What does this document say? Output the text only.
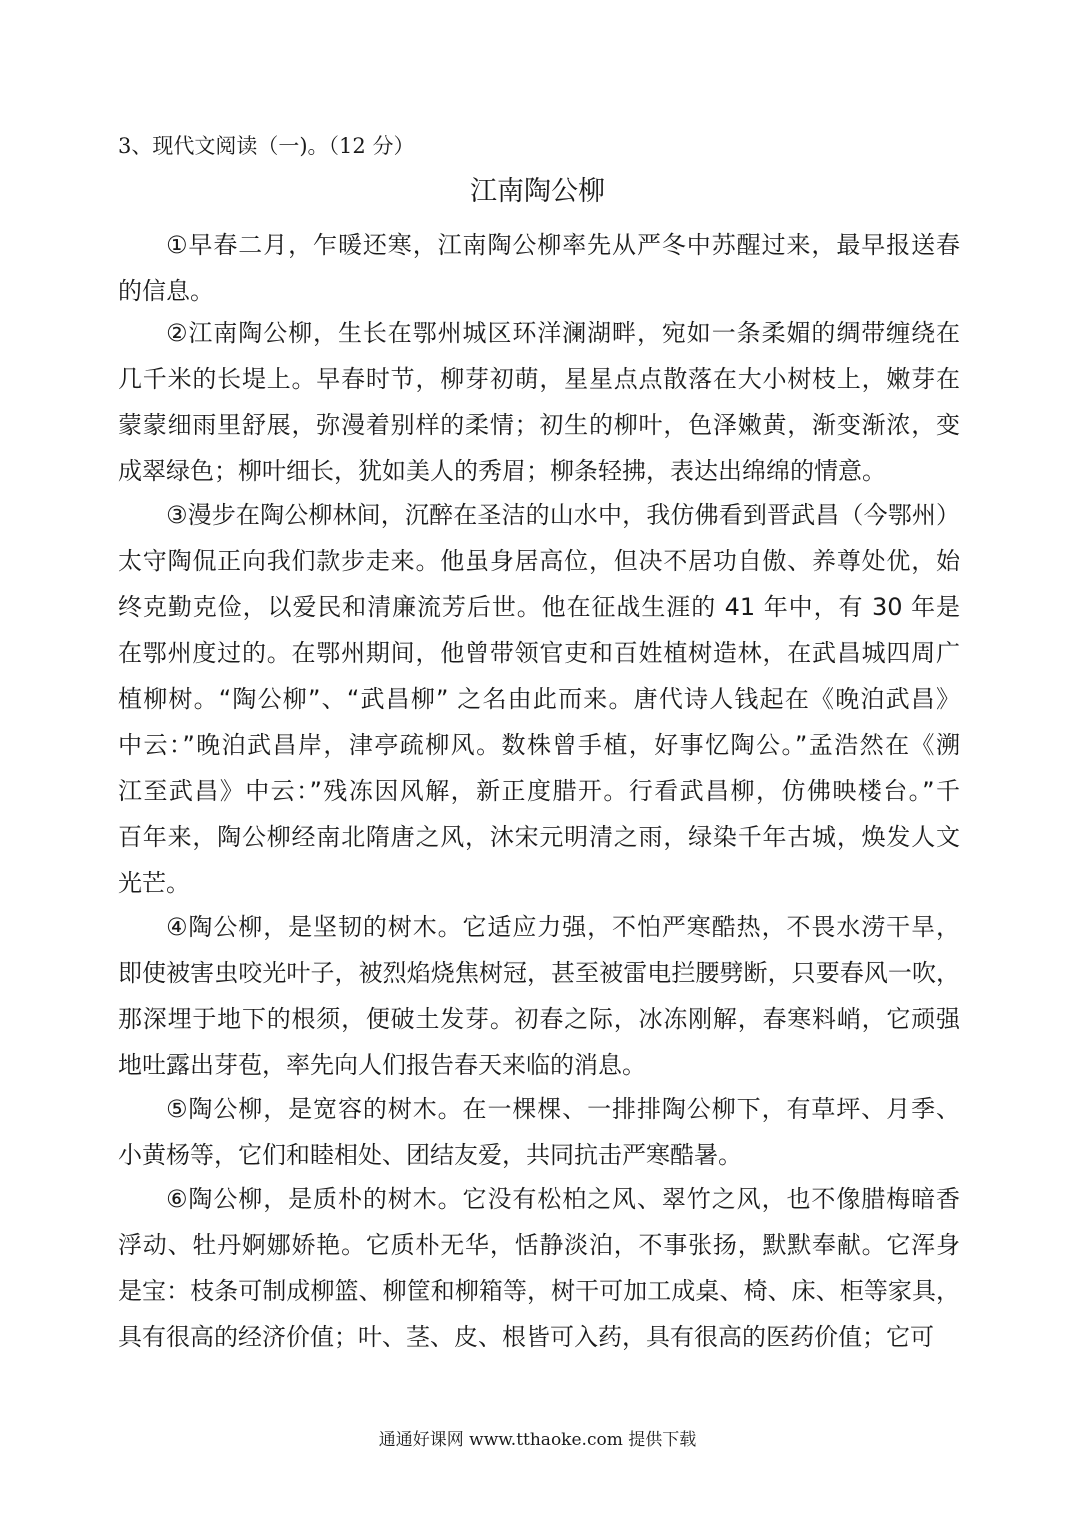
3、现代文阅读（一)。（12 分）
江南陶公柳
①早春二月，乍暖还寒，江南陶公柳率先从严冬中苏醒过来，最早报送春
的信息。
②江南陶公柳，生长在鄂州城区环洋澜湖畔，宛如一条柔媚的绸带缠绕在
几千米的长堤上。早春时节，柳芽初萌，星星点点散落在大小树枝上，嫩芽在
蒙蒙细雨里舒展，弥漫着别样的柔情；初生的柳叶，色泽嫩黄，渐变渐浓，变
成翠绿色；柳叶细长，犹如美人的秀眉；柳条轻拂，表达出绵绵的情意。
③漫步在陶公柳林间，沉醉在圣洁的山水中，我仿佛看到晋武昌（今鄂州）
太守陶侃正向我们款步走来。他虽身居高位，但决不居功自傲、养尊处优，始
终克勤克俭，以爱民和清廉流芳后世。他在征战生涯的 41 年中，有 30 年是
在鄂州度过的。在鄂州期间，他曾带领官吏和百姓植树造林，在武昌城四周广
植柳树。“陶公柳”、“武昌柳” 之名由此而来。唐代诗人钱起在《晚泊武昌》
中云：”晚泊武昌岸，津亭疏柳风。数株曾手植，好事忆陶公。”孟浩然在《溯
江至武昌》中云：”残冻因风解，新正度腊开。行看武昌柳，仿佛映楼台。”千
百年来，陶公柳经南北隋唐之风，沐宋元明清之雨，绿染千年古城，焕发人文
光芒。
④陶公柳，是坚韧的树木。它适应力强，不怕严寒酷热，不畏水涝干旱，
即使被害虫咬光叶子，被烈焰烧焦树冠，甚至被雷电拦腰劈断，只要春风一吹，
那深埋于地下的根须，便破土发芽。初春之际，冰冻刚解，春寒料峭，它顽强
地吐露出芽苞，率先向人们报告春天来临的消息。
⑤陶公柳，是宽容的树木。在一棵棵、一排排陶公柳下，有草坪、月季、
小黄杨等，它们和睦相处、团结友爱，共同抗击严寒酷暑。
⑥陶公柳，是质朴的树木。它没有松柏之风、翠竹之风，也不像腊梅暗香
浮动、牡丹婀娜娇艳。它质朴无华，恬静淡泊，不事张扬，默默奉献。它浑身
是宝：枝条可制成柳篮、柳筐和柳箱等，树干可加工成桌、椅、床、柜等家具，
具有很高的经济价值；叶、茎、皮、根皆可入药，具有很高的医药价值；它可
通通好课网 www.tthaoke.com 提供下载
